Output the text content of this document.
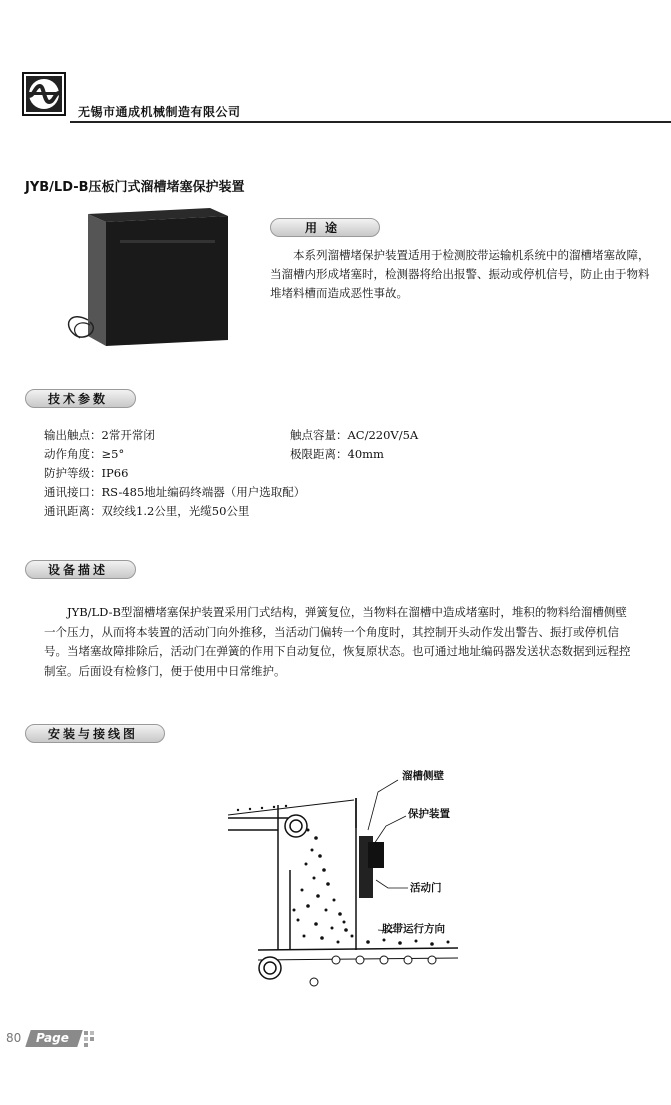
无锡市通成机械制造有限公司
JYB/LD-B压板门式溜槽堵塞保护装置
用途

本系列溜槽堵保护装置适用于检测胶带运输机系统中的溜槽堵塞故障，当溜槽内形成堵塞时，检测器将给出报警、振动或停机信号，防止由于物料堆堵料槽而造成恶性事故。

技术参数
输出触点：2常开常闭
动作角度：≥5°
防护等级：IP66
通讯接口：RS-485地址编码终端器（用户选取配）
通讯距离：双绞线1.2公里，光缆50公里
触点容量：AC/220V/5A
极限距离：40mm
设备描述

JYB/LD-B型溜槽堵塞保护装置采用门式结构，弹簧复位，当物料在溜槽中造成堵塞时，堆积的物料给溜槽侧壁一个压力，从而将本装置的活动门向外推移，当活动门偏转一个角度时，其控制开头动作发出警告、振打或停机信号。当堵塞故障排除后，活动门在弹簧的作用下自动复位，恢复原状态。也可通过地址编码器发送状态数据到远程控制室。后面设有检修门，便于使用中日常维护。

安装与接线图
溜槽侧壁
保护装置
活动门
胶带运行方向
80 Page
